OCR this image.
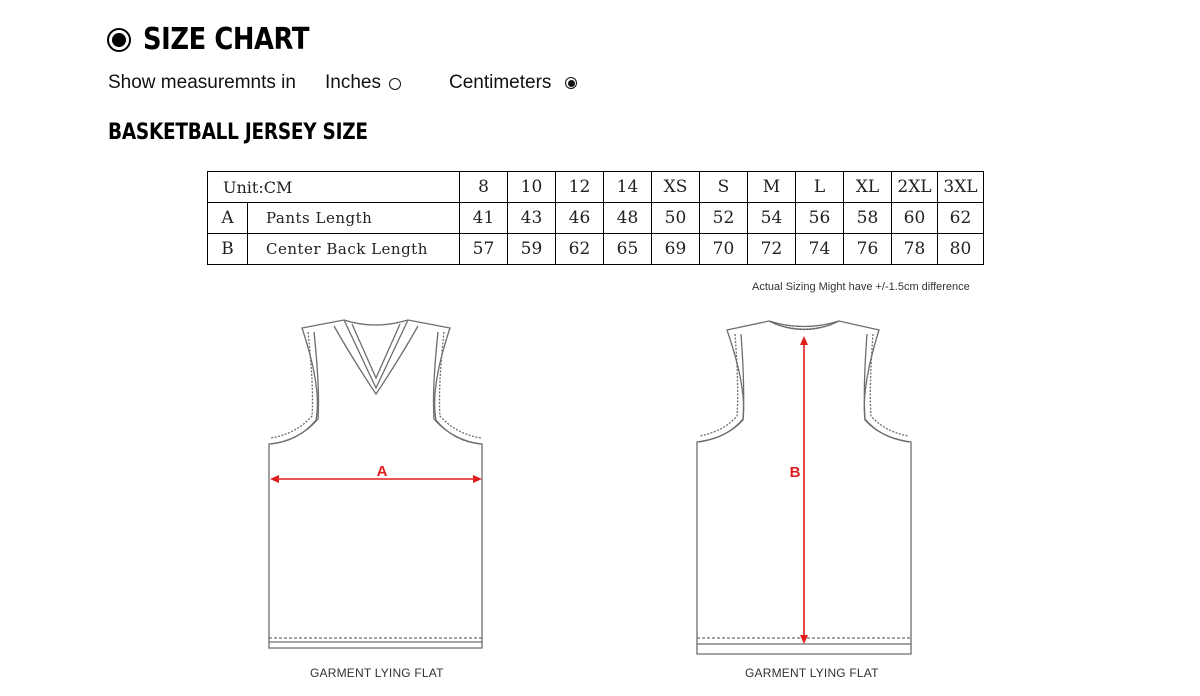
SIZE CHART
Show measuremnts in Inches	Centimeters
BASKETBALL JERSEY SIZE
Unit:CM		8	10	12	14	XS	S	M	L	XL	2XL	3XL
A	Pants Length	41	43	46	48	50	52	54	56	58	60	62
B	Center Back Length	57	59	62	65	69	70	72	74	76	78	80
Actual Sizing Might have +/-1.5cm difference
A
GARMENT LYING FLAT
B
GARMENT LYING FLAT
